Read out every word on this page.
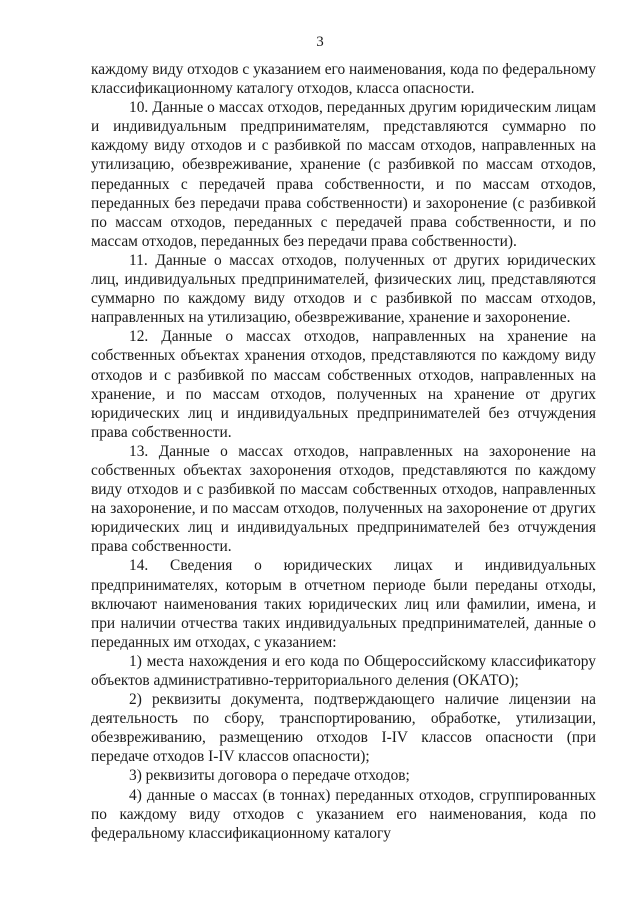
3

каждому виду отходов с указанием его наименования, кода по федеральному классификационному каталогу отходов, класса опасности.

10. Данные о массах отходов, переданных другим юридическим лицам и индивидуальным предпринимателям, представляются суммарно по каждому виду отходов и с разбивкой по массам отходов, направленных на утилизацию, обезвреживание, хранение (с разбивкой по массам отходов, переданных с передачей права собственности, и по массам отходов, переданных без передачи права собственности) и захоронение (с разбивкой по массам отходов, переданных с передачей права собственности, и по массам отходов, переданных без передачи права собственности).

11. Данные о массах отходов, полученных от других юридических лиц, индивидуальных предпринимателей, физических лиц, представляются суммарно по каждому виду отходов и с разбивкой по массам отходов, направленных на утилизацию, обезвреживание, хранение и захоронение.

12. Данные о массах отходов, направленных на хранение на собственных объектах хранения отходов, представляются по каждому виду отходов и с разбивкой по массам собственных отходов, направленных на хранение, и по массам отходов, полученных на хранение от других юридических лиц и индивидуальных предпринимателей без отчуждения права собственности.

13. Данные о массах отходов, направленных на захоронение на собственных объектах захоронения отходов, представляются по каждому виду отходов и с разбивкой по массам собственных отходов, направленных на захоронение, и по массам отходов, полученных на захоронение от других юридических лиц и индивидуальных предпринимателей без отчуждения права собственности.

14. Сведения о юридических лицах и индивидуальных предпринимателях, которым в отчетном периоде были переданы отходы, включают наименования таких юридических лиц или фамилии, имена, и при наличии отчества таких индивидуальных предпринимателей, данные о переданных им отходах, с указанием:

1) места нахождения и его кода по Общероссийскому классификатору объектов административно-территориального деления (ОКАТО);

2) реквизиты документа, подтверждающего наличие лицензии на деятельность по сбору, транспортированию, обработке, утилизации, обезвреживанию, размещению отходов I-IV классов опасности (при передаче отходов I-IV классов опасности);

3) реквизиты договора о передаче отходов;

4) данные о массах (в тоннах) переданных отходов, сгруппированных по каждому виду отходов с указанием его наименования, кода по федеральному классификационному каталогу
